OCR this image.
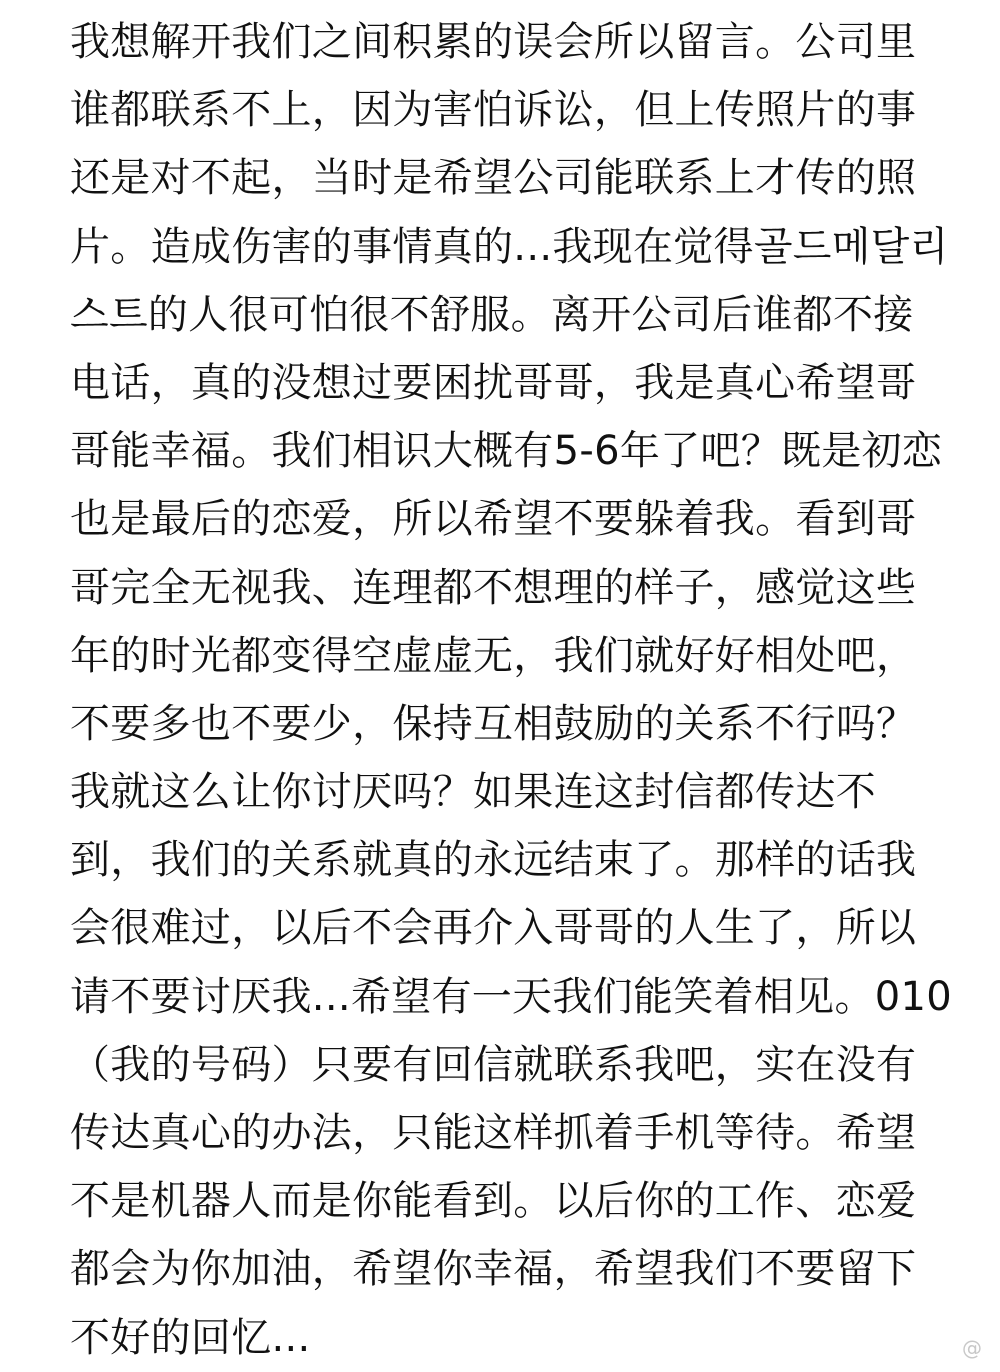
我想解开我们之间积累的误会所以留言。公司里
谁都联系不上，因为害怕诉讼，但上传照片的事
还是对不起，当时是希望公司能联系上才传的照
片。造成伤害的事情真的...我现在觉得골드메달리
스트的人很可怕很不舒服。离开公司后谁都不接
电话，真的没想过要困扰哥哥，我是真心希望哥
哥能幸福。我们相识大概有5-6年了吧？既是初恋
也是最后的恋爱，所以希望不要躲着我。看到哥
哥完全无视我、连理都不想理的样子，感觉这些
年的时光都变得空虚虚无，我们就好好相处吧，
不要多也不要少，保持互相鼓励的关系不行吗？
我就这么让你讨厌吗？如果连这封信都传达不
到，我们的关系就真的永远结束了。那样的话我
会很难过，以后不会再介入哥哥的人生了，所以
请不要讨厌我...希望有一天我们能笑着相见。010
（我的号码）只要有回信就联系我吧，实在没有
传达真心的办法，只能这样抓着手机等待。希望
不是机器人而是你能看到。以后你的工作、恋爱
都会为你加油，希望你幸福，希望我们不要留下
不好的回忆...	@
